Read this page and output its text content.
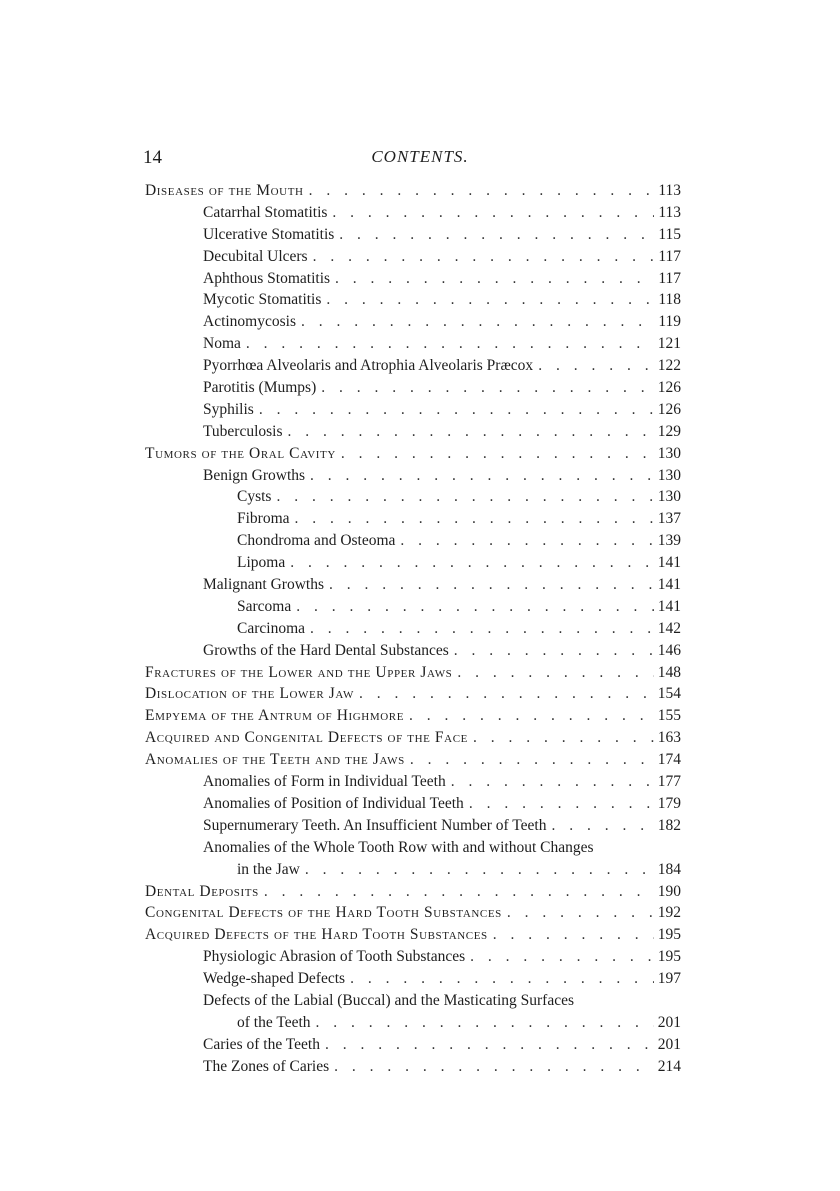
14	CONTENTS.
Diseases of the Mouth . . .	113
Catarrhal Stomatitis . . .	113
Ulcerative Stomatitis . . .	115
Decubital Ulcers . . .	117
Aphthous Stomatitis . . .	117
Mycotic Stomatitis . . .	118
Actinomycosis . . .	119
Noma . . .	121
Pyorrhœa Alveolaris and Atrophia Alveolaris Præcox . . .	122
Parotitis (Mumps) . . .	126
Syphilis . . .	126
Tuberculosis . . .	129
Tumors of the Oral Cavity . . .	130
Benign Growths . . .	130
Cysts . . .	130
Fibroma . . .	137
Chondroma and Osteoma . . .	139
Lipoma . . .	141
Malignant Growths . . .	141
Sarcoma . . .	141
Carcinoma . . .	142
Growths of the Hard Dental Substances . . .	146
Fractures of the Lower and the Upper Jaws . . .	148
Dislocation of the Lower Jaw . . .	154
Empyema of the Antrum of Highmore . . .	155
Acquired and Congenital Defects of the Face . . .	163
Anomalies of the Teeth and the Jaws . . .	174
Anomalies of Form in Individual Teeth . . .	177
Anomalies of Position of Individual Teeth . . .	179
Supernumerary Teeth. An Insufficient Number of Teeth . . .	182
Anomalies of the Whole Tooth Row with and without Changes
in the Jaw . . .	184
Dental Deposits . . .	190
Congenital Defects of the Hard Tooth Substances . . .	192
Acquired Defects of the Hard Tooth Substances . . .	195
Physiologic Abrasion of Tooth Substances . . .	195
Wedge-shaped Defects . . .	197
Defects of the Labial (Buccal) and the Masticating Surfaces
of the Teeth . . .	201
Caries of the Teeth . . .	201
The Zones of Caries . . .	214
